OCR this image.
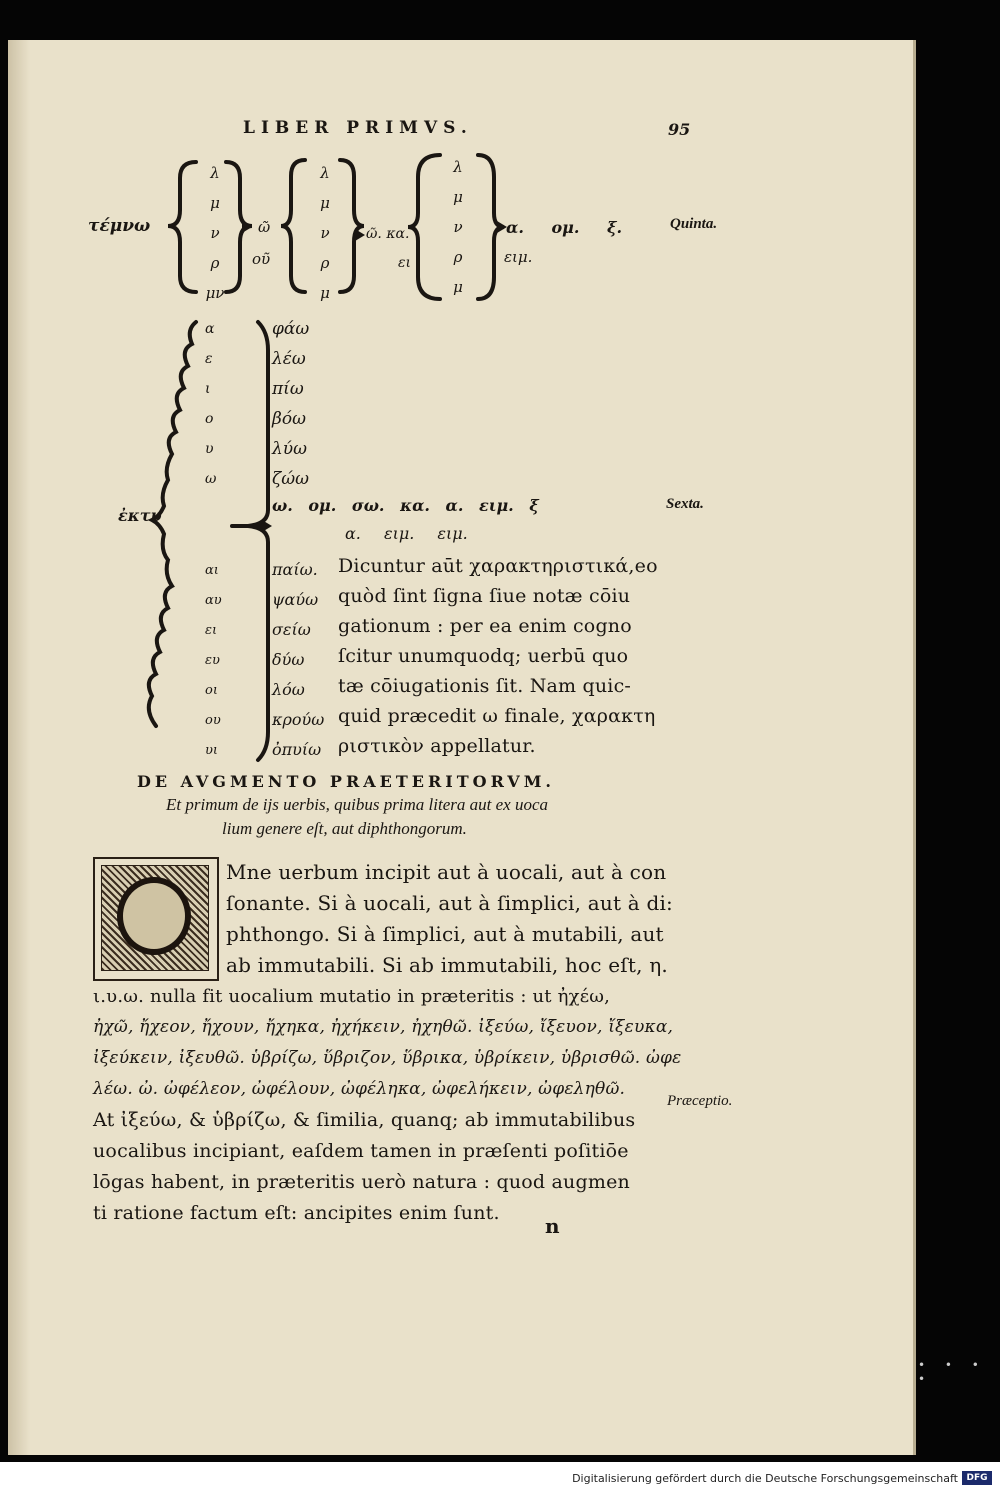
LIBER PRIMVS.	95
τέμνω
λ
μ
ν
ρ
μν
ῶ
οῦ
λ
μ
ν
ρ
μ
ῶ. κα.
λ
μ
ν
ρ
μ
ει
α. ομ. ξ.
ειμ.
ἐκτυ
α
ε
ι
ο
υ
ω
φάω
λέω
πίω
βόω
λύω
ζώω
ω. ομ. σω. κα. α. ειμ. ξ
α. ειμ. ειμ.
αι
αυ
ει
ευ
οι
ου
υι
παίω.
ψαύω
σείω
δύω
λόω
κρούω
ὀπυίω
Dicuntur aūt χαρακτηριστικά,eo
quòd ſint ſigna ſiue notæ cōiu
gationum : per ea enim cogno
ſcitur unumquodq; uerbū quo
tæ cōiugationis ſit. Nam quic-
quid præcedit ω finale, χαρακτη
ριστικὸν appellatur.
Quinta.
Sexta.
Præceptio.
DE AVGMENTO PRAETERITORVM.
Et primum de ijs uerbis, quibus prima litera aut ex uoca
lium genere eſt, aut diphthongorum.
Mne uerbum incipit aut à uocali, aut à con
ſonante. Si à uocali, aut à ſimplici, aut à di:
phthongo. Si à ſimplici, aut à mutabili, aut
ab immutabili. Si ab immutabili, hoc eſt, η.
ι.υ.ω. nulla fit uocalium mutatio in præteritis : ut ἠχέω,
ἠχῶ, ἤχεον, ἤχουν, ἤχηκα, ἠχήκειν, ἠχηθῶ. ἰξεύω, ἴξευον, ἴξευκα,
ἰξεύκειν, ἰξευθῶ. ὑβρίζω, ὕβριζον, ὕβρικα, ὑβρίκειν, ὑβρισθῶ. ὠφε
λέω. ὠ. ὠφέλεον, ὠφέλουν, ὠφέληκα, ὠφελήκειν, ὠφεληθῶ.
At ἰξεύω, & ὑβρίζω, & ſimilia, quanq; ab immutabilibus
uocalibus incipiant, eaſdem tamen in præſenti poſitiōe
lōgas habent, in præteritis uerò natura : quod augmen
ti ratione factum eſt: ancipites enim ſunt.
n
• • • •
Digitalisierung gefördert durch die Deutsche Forschungsgemeinschaft DFG
